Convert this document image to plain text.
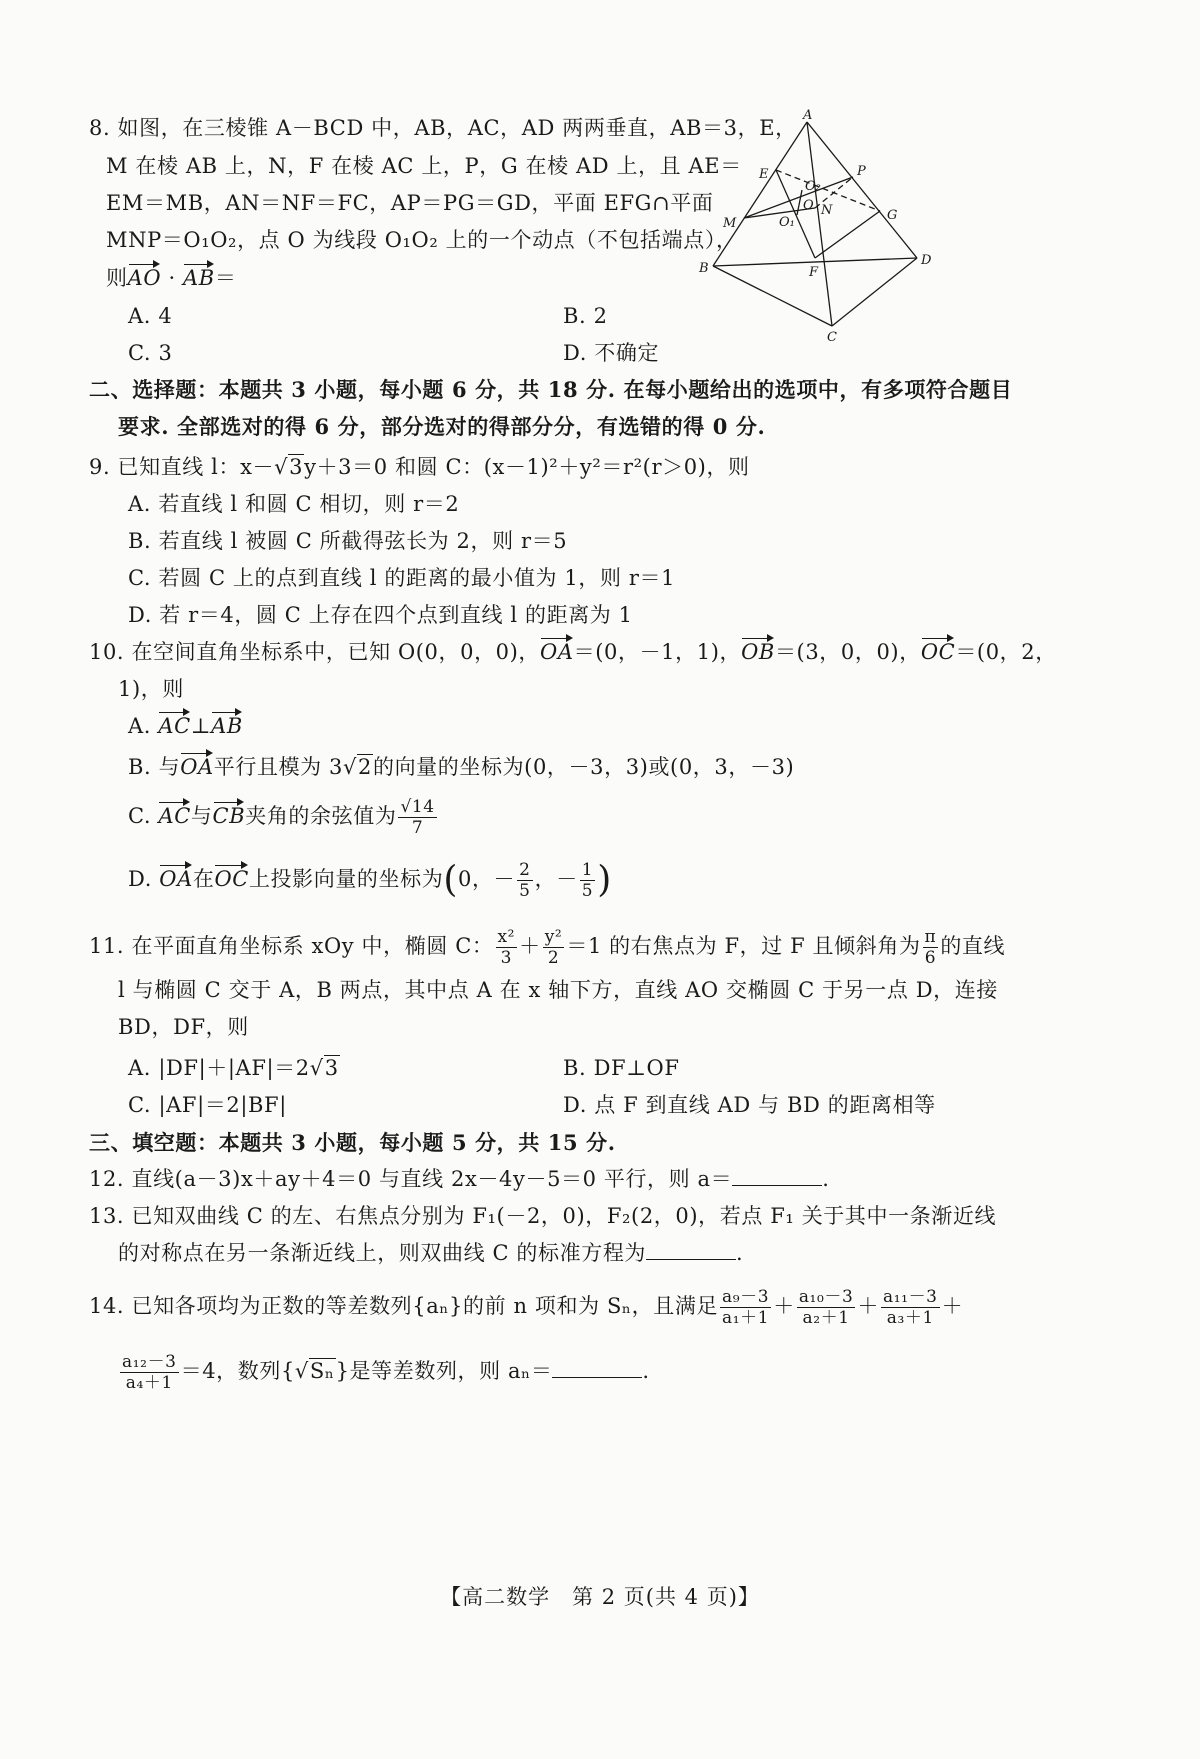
8. 如图，在三棱锥 A－BCD 中，AB，AC，AD 两两垂直，AB＝3，E，
M 在棱 AB 上，N，F 在棱 AC 上，P，G 在棱 AD 上，且 AE＝
EM＝MB，AN＝NF＝FC，AP＝PG＝GD，平面 EFG∩平面
MNP＝O₁O₂，点 O 为线段 O₁O₂ 上的一个动点（不包括端点），
则AO · AB＝
A. 4	B. 2
C. 3	D. 不确定
A
B
C
D
E
M
P
G
N
F
O
O₁
O₂
二、选择题：本题共 3 小题，每小题 6 分，共 18 分. 在每小题给出的选项中，有多项符合题目
要求. 全部选对的得 6 分，部分选对的得部分分，有选错的得 0 分.
9. 已知直线 l：x－√3y＋3＝0 和圆 C：(x－1)²＋y²＝r²(r＞0)，则
A. 若直线 l 和圆 C 相切，则 r＝2
B. 若直线 l 被圆 C 所截得弦长为 2，则 r＝5
C. 若圆 C 上的点到直线 l 的距离的最小值为 1，则 r＝1
D. 若 r＝4，圆 C 上存在四个点到直线 l 的距离为 1
10. 在空间直角坐标系中，已知 O(0，0，0)，OA＝(0，－1，1)，OB＝(3，0，0)，OC＝(0，2，
1)，则
A. AC⊥AB
B. 与OA平行且模为 3√2的向量的坐标为(0，－3，3)或(0，3，－3)
C. AC与CB夹角的余弦值为 $\frac{√14}{7}$
D. OA在OC上投影向量的坐标为(0，－ $\frac{2}{5}$ ，－ $\frac{1}{5}$ )
11. 在平面直角坐标系 xOy 中，椭圆 C： $\frac{\text{x²}}{3} + \frac{\text{y²}}{2} =1$ 的右焦点为 F，过 F 且倾斜角为 $\frac{\pi}{6}$ 的直线
l 与椭圆 C 交于 A，B 两点，其中点 A 在 x 轴下方，直线 AO 交椭圆 C 于另一点 D，连接
BD，DF，则
A. |DF|＋|AF|＝2√3	B. DF⊥OF
C. |AF|＝2|BF|	D. 点 F 到直线 AD 与 BD 的距离相等
三、填空题：本题共 3 小题，每小题 5 分，共 15 分.
12. 直线(a－3)x＋ay＋4＝0 与直线 2x－4y－5＝0 平行，则 a＝	.
13. 已知双曲线 C 的左、右焦点分别为 F₁(－2，0)，F₂(2，0)，若点 F₁ 关于其中一条渐近线
的对称点在另一条渐近线上，则双曲线 C 的标准方程为	.
14. 已知各项均为正数的等差数列{aₙ}的前 n 项和为 Sₙ，且满足 $\frac{\text{a₉－3}}{\text{a₁＋1}} + \frac{\text{a₁₀－3}}{\text{a₂＋1}} + \frac{\text{a₁₁－3}}{\text{a₃＋1}}$ ＋
$\frac{\text{a₁₂－3}}{\text{a₄＋1}} =4$，数列{√Sₙ}是等差数列，则 aₙ＝	.
【高二数学　第 2 页(共 4 页)】
